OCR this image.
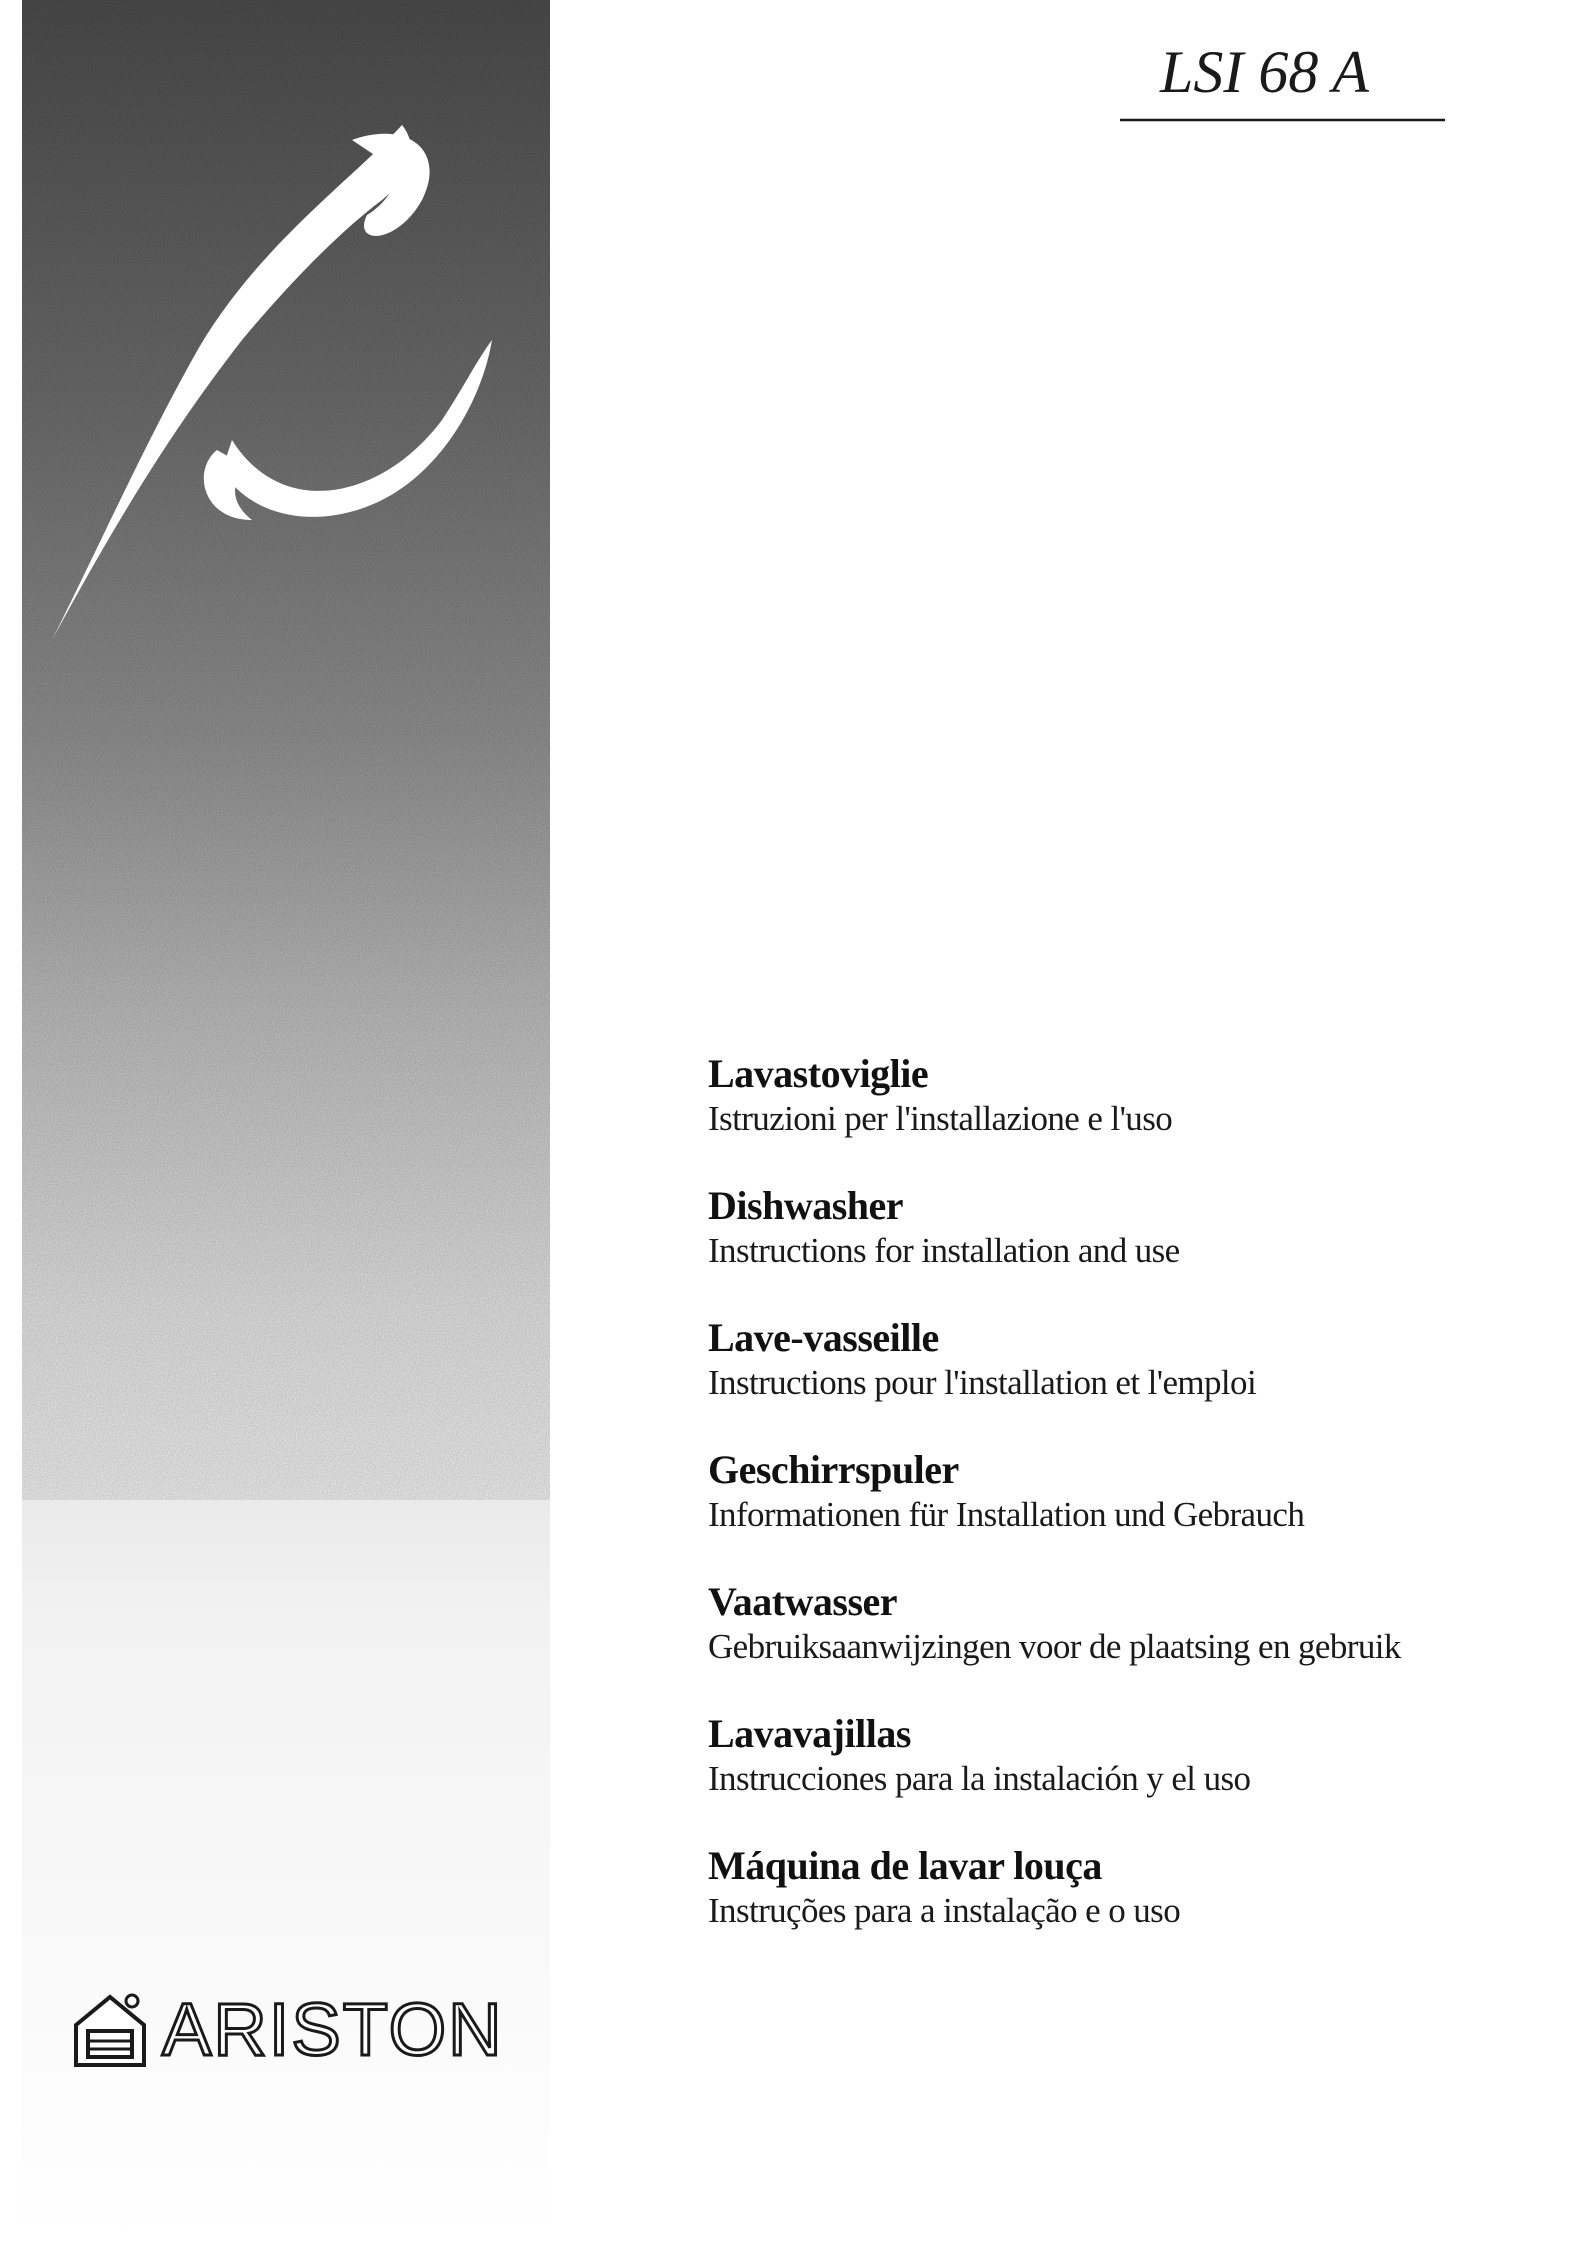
LSI 68 A
Lavastoviglie
Istruzioni per l'installazione e l'uso
Dishwasher
Instructions for installation and use
Lave-vasseille
Instructions pour l'installation et l'emploi
Geschirrspuler
Informationen für Installation und Gebrauch
Vaatwasser
Gebruiksaanwijzingen voor de plaatsing en gebruik
Lavavajillas
Instrucciones para la instalación y el uso
Máquina de lavar louça
Instruções para a instalação e o uso
ARISTON
